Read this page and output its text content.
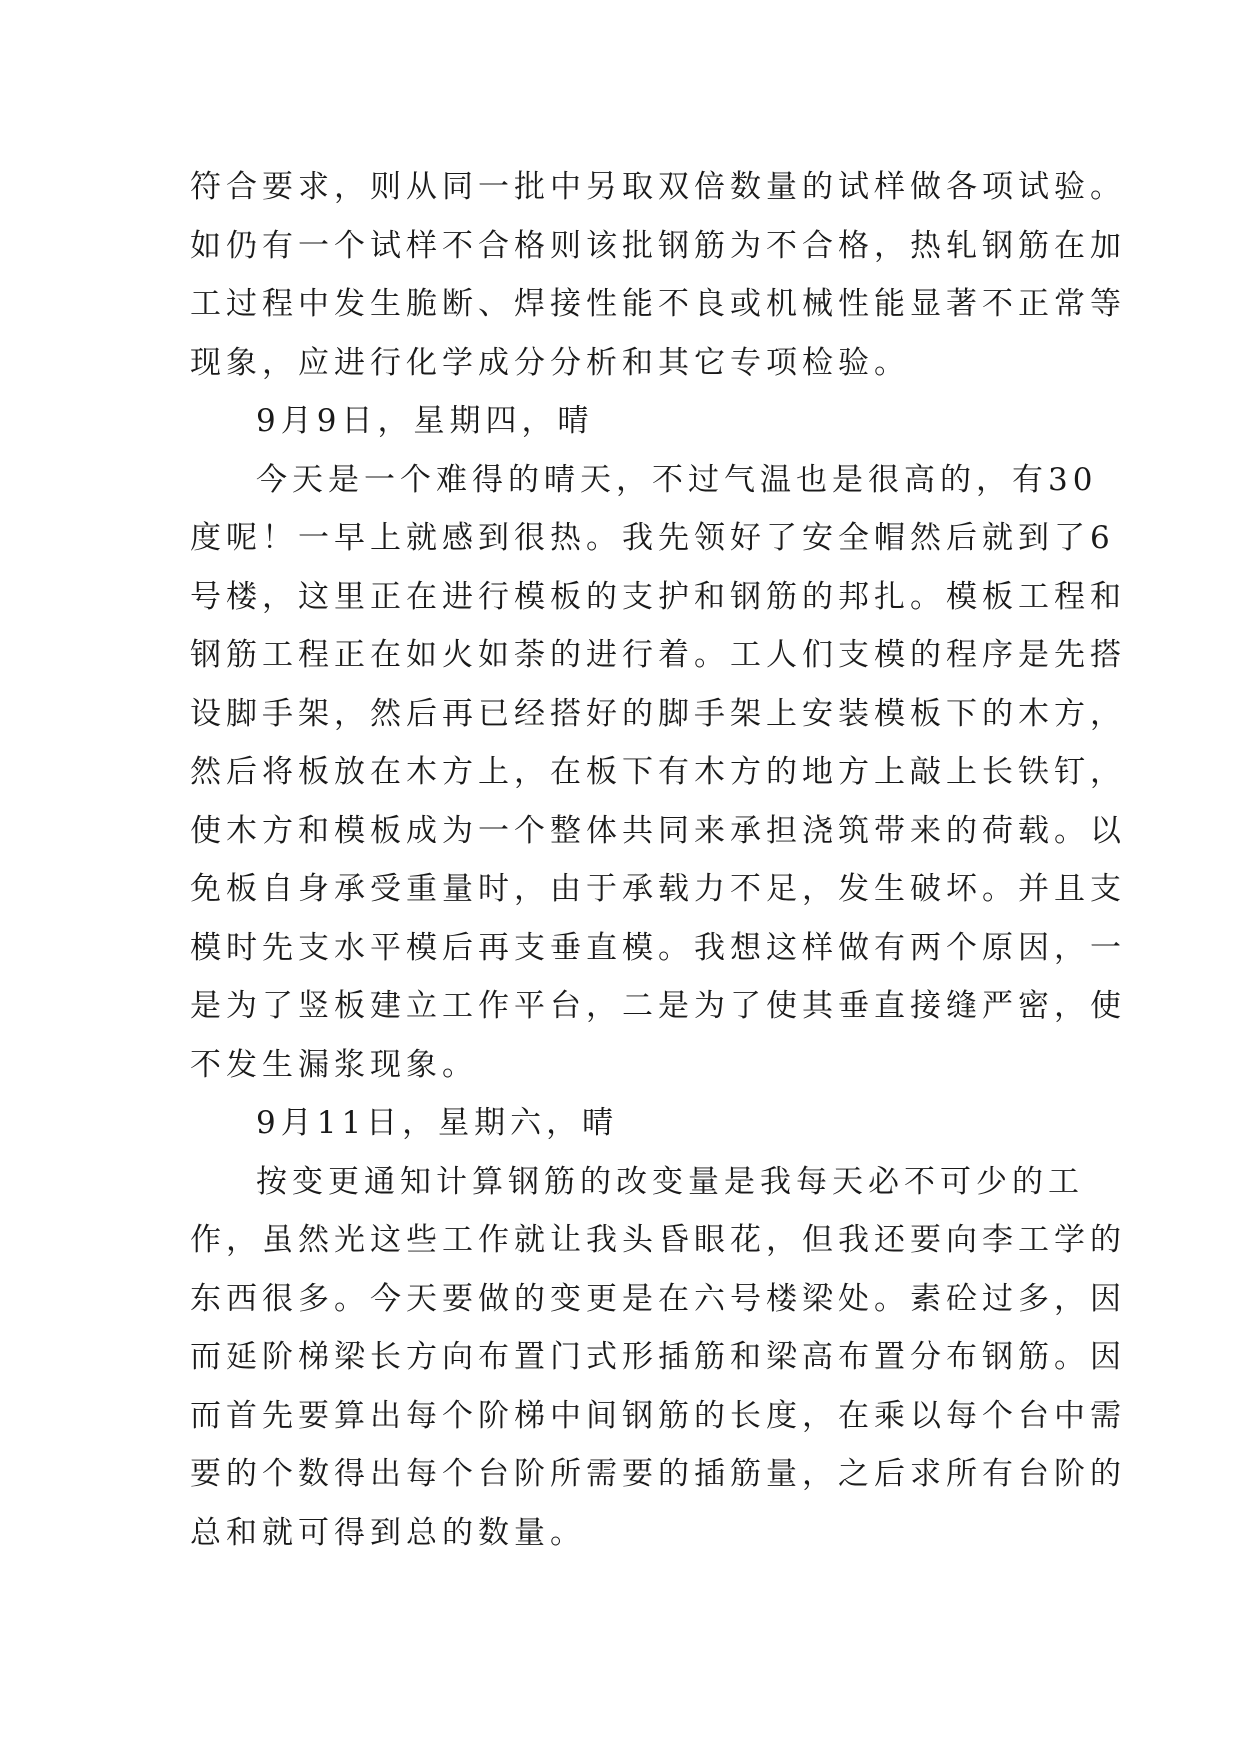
符合要求，则从同一批中另取双倍数量的试样做各项试验。
如仍有一个试样不合格则该批钢筋为不合格，热轧钢筋在加
工过程中发生脆断、焊接性能不良或机械性能显著不正常等
现象，应进行化学成分分析和其它专项检验。
9月9日，星期四，晴
今天是一个难得的晴天，不过气温也是很高的，有30
度呢！一早上就感到很热。我先领好了安全帽然后就到了6
号楼，这里正在进行模板的支护和钢筋的邦扎。模板工程和
钢筋工程正在如火如荼的进行着。工人们支模的程序是先搭
设脚手架，然后再已经搭好的脚手架上安装模板下的木方，
然后将板放在木方上，在板下有木方的地方上敲上长铁钉，
使木方和模板成为一个整体共同来承担浇筑带来的荷载。以
免板自身承受重量时，由于承载力不足，发生破坏。并且支
模时先支水平模后再支垂直模。我想这样做有两个原因，一
是为了竖板建立工作平台，二是为了使其垂直接缝严密，使
不发生漏浆现象。
9月11日，星期六，晴
按变更通知计算钢筋的改变量是我每天必不可少的工
作，虽然光这些工作就让我头昏眼花，但我还要向李工学的
东西很多。今天要做的变更是在六号楼梁处。素砼过多，因
而延阶梯梁长方向布置门式形插筋和梁高布置分布钢筋。因
而首先要算出每个阶梯中间钢筋的长度，在乘以每个台中需
要的个数得出每个台阶所需要的插筋量，之后求所有台阶的
总和就可得到总的数量。
